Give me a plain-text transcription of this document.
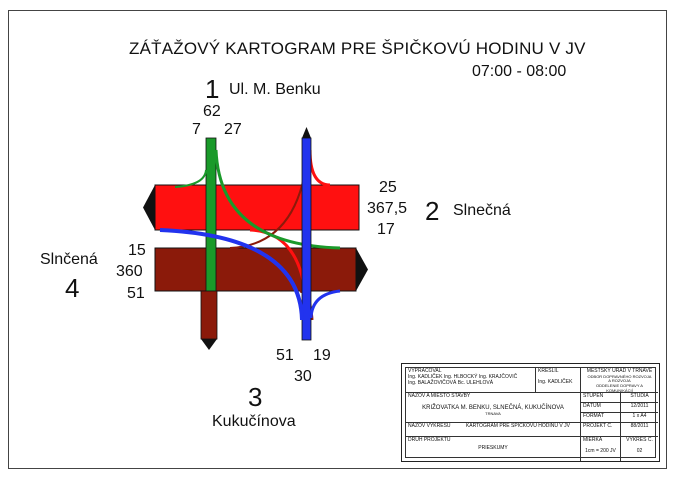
ZÁŤAŽOVÝ KARTOGRAM PRE ŠPIČKOVÚ HODINU V JV
07:00 - 08:00
1 Ul. M. Benku
62
7 27
25
367,5
17
2 Slnečná
Slnčená
4
15
360
51
51 19
30
3
Kukučínova
VYPRACOVAL
Ing. KADLIČEK Ing. HLBOCKÝ Ing. KRAJČOVIČ
Ing. BALAŽOVIČOVÁ Bc. ULEHLOVÁ
KRESLIL
Ing. KADLIČEK
MESTSKÝ ÚRAD V TRNAVE
ODBOR DOPRAVNÉHO ROZVOJA
A ROZVOJA
ODDELENIE DOPRAVY A KOMUNIKÁCIÍ
NÁZOV A MIESTO STAVBY
KRIŽOVATKA M. BENKU, SLNEČNÁ, KUKUČÍNOVA
TRNAVA
STUPEŇ	ŠTÚDIA
DÁTUM	12/2011
FORMÁT	1 x A4
NÁZOV VÝKRESU	KARTOGRAM PRE ŠPIČKOVÚ HODINU V JV	PROJEKT Č.	88/2011
DRUH PROJEKTU
PRIESKUMY
MIERKA
1cm = 200 JV
VÝKRES Č.
02
